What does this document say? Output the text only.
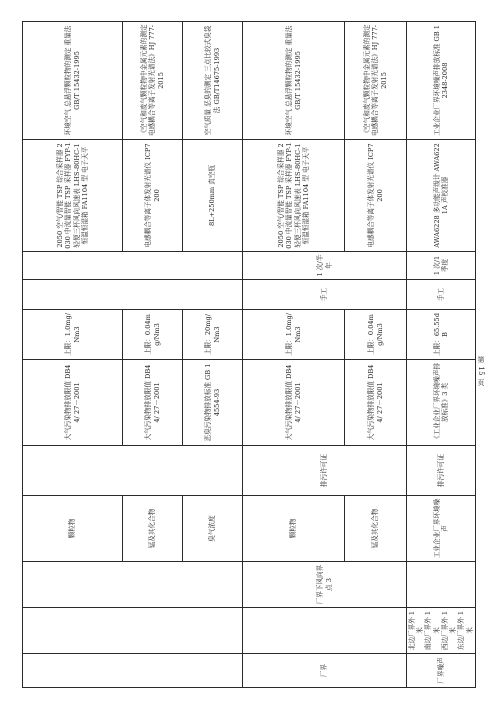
			颗粒物		大气污染物排放限值 DB44/ 27－2001	上限：1.0mg/Nm3			2050 空气/智能 TSP 综合采样器 2030 中流量智能 TSP 采样器 FYP-1 轻便三杯风向风速表 LHS-80HC-1 恒温恒湿箱 FA1104 型 电子天平	环境空气 总悬浮颗粒物的测定 重量法 GB/T 15432-1995
			锰及其化合物		大气污染物排放限值 DB44/ 27－2001	上限：0.04mg/Nm3			电感耦合等离子体发射光谱仪 ICP7200	《空气和废气颗粒物中金属元素的测定电感耦合等离子发射光谱法》HJ 777-2015
			臭气浓度		恶臭污染物排放标准 GB 14554-93	上限：20mg/Nm3			8L+250mm 真空瓶	空气质量 恶臭的测定 三点比较式臭袋法 GB/T14675-1993
厂界		厂界下风向界点 3	颗粒物	排污许可证	大气污染物排放限值 DB44/ 27－2001	上限：1.0mg/Nm3	手工	1 次/半年	2050 空气/智能 TSP 综合采样器 2030 中流量智能 TSP 采样器 FYP-1 轻便三杯风向风速表 LHS-80HC-1 恒温恒湿箱 FA1104 型 电子天平	环境空气 总悬浮颗粒物的测定 重量法 GB/T 15432-1995
			锰及其化合物		大气污染物排放限值 DB44/ 27－2001	上限：0.04mg/Nm3			电感耦合等离子体发射光谱仪 ICP7200	《空气和废气颗粒物中金属元素的测定电感耦合等离子发射光谱法》HJ 777-2015
厂界噪声	北边厂界外 1 米 南边厂界外 1 米 西边厂界外 1 米 东边厂界外 1 米		工业企业厂界环境噪声	排污许可证	《工业企业厂界环境噪声排放标准》3 类	上限：65.55dB	手工	1 次/1 季度	AWA6228 多功能声级计 AWA6221A 声校准器	工业企业厂界环境噪声排放标准 GB 12348-2008
第 15 页
